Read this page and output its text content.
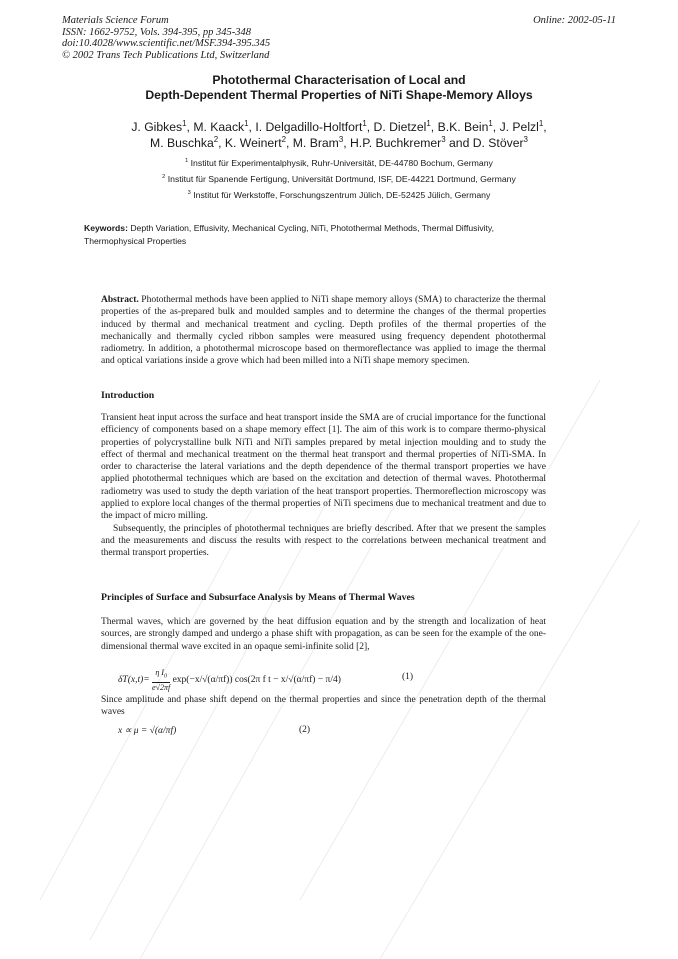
Materials Science Forum
ISSN: 1662-9752, Vols. 394-395, pp 345-348
doi:10.4028/www.scientific.net/MSF.394-395.345
© 2002 Trans Tech Publications Ltd, Switzerland
Online: 2002-05-11
Photothermal Characterisation of Local and
Depth-Dependent Thermal Properties of NiTi Shape-Memory Alloys
J. Gibkes$^1$, M. Kaack$^1$, I. Delgadillo-Holtfort$^1$, D. Dietzel$^1$, B.K. Bein$^1$, J. Pelzl$^1$,
M. Buschka$^2$, K. Weinert$^2$, M. Bram$^3$, H.P. Buchkremer$^3$ and D. Stöver$^3$
$^1$ Institut für Experimentalphysik, Ruhr-Universität, DE-44780 Bochum, Germany
$^2$ Institut für Spanende Fertigung, Universität Dortmund, ISF, DE-44221 Dortmund, Germany
$^3$ Institut für Werkstoffe, Forschungszentrum Jülich, DE-52425 Jülich, Germany
Keywords: Depth Variation, Effusivity, Mechanical Cycling, NiTi, Photothermal Methods, Thermal Diffusivity, Thermophysical Properties
Abstract. Photothermal methods have been applied to NiTi shape memory alloys (SMA) to characterize the thermal properties of the as-prepared bulk and moulded samples and to determine the changes of the thermal properties induced by thermal and mechanical treatment and cycling. Depth profiles of the thermal properties of the mechanically and thermally cycled ribbon samples were measured using frequency dependent photothermal radiometry. In addition, a photothermal microscope based on thermoreflectance was applied to image the thermal and optical variations inside a grove which had been milled into a NiTi shape memory specimen.
Introduction

Transient heat input across the surface and heat transport inside the SMA are of crucial importance for the functional efficiency of components based on a shape memory effect [1]. The aim of this work is to compare thermo-physical properties of polycrystalline bulk NiTi and NiTi samples prepared by metal injection moulding and to study the effect of thermal and mechanical treatment on the thermal heat transport and thermal properties of NiTi-SMA. In order to characterise the lateral variations and the depth dependence of the thermal transport properties we have applied photothermal techniques which are based on the excitation and detection of thermal waves. Photothermal radiometry was used to study the depth variation of the heat transport properties. Thermoreflection microscopy was applied to explore local changes of the thermal properties of NiTi specimens due to mechanical treatment and due to the impact of micro milling.

Subsequently, the principles of photothermal techniques are briefly described. After that we present the samples and the measurements and discuss the results with respect to the correlations between mechanical treatment and thermal transport properties.

Principles of Surface and Subsurface Analysis by Means of Thermal Waves
Thermal waves, which are governed by the heat diffusion equation and by the strength and localization of heat sources, are strongly damped and undergo a phase shift with propagation, as can be seen for the example of the one-dimensional thermal wave excited in an opaque semi-infinite solid [2],
$\delta T(x,t)= \frac{\eta I_0}{e√2\pi f} \exp(-x/√(\alpha/\pi f))$ cos(2π f t − x/√(α/πf) − π/4)	(1)
Since amplitude and phase shift depend on the thermal properties and since the penetration depth of the thermal waves
x ∝ μ = √(α/πf)	(2)
